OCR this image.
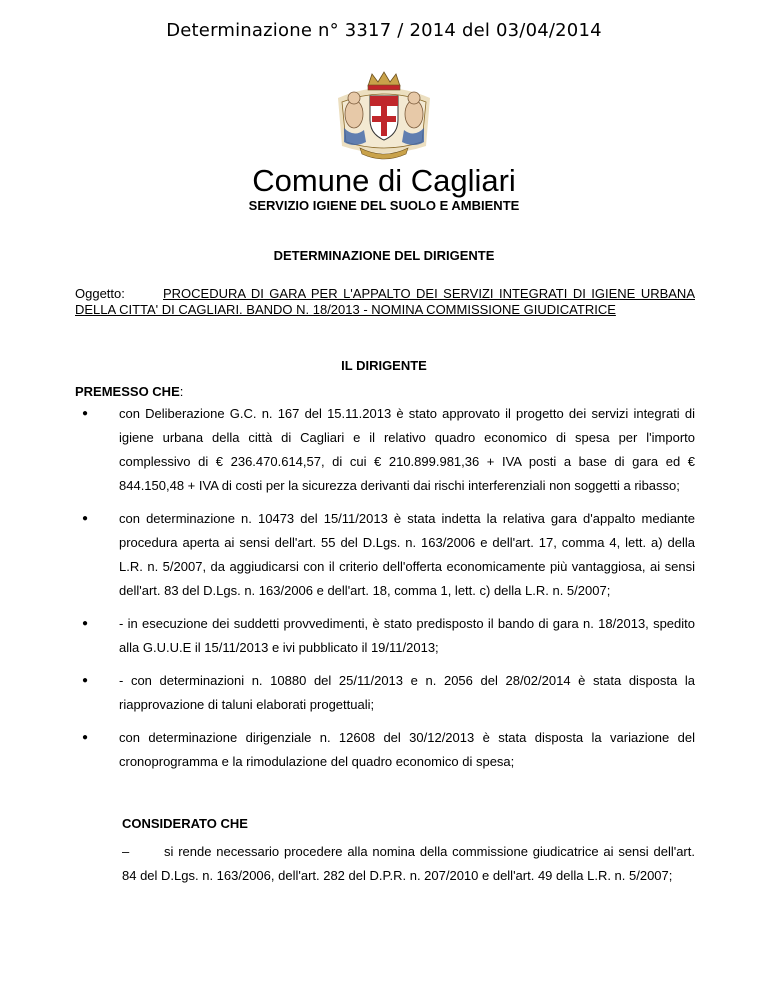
Determinazione n° 3317 / 2014 del 03/04/2014
Comune di Cagliari
SERVIZIO IGIENE DEL SUOLO E AMBIENTE
DETERMINAZIONE DEL DIRIGENTE
Oggetto:	PROCEDURA DI GARA PER L'APPALTO DEI SERVIZI INTEGRATI DI IGIENE URBANA DELLA CITTA' DI CAGLIARI. BANDO N. 18/2013 - NOMINA COMMISSIONE GIUDICATRICE
IL DIRIGENTE
PREMESSO CHE:
● con Deliberazione G.C. n. 167 del 15.11.2013 è stato approvato il progetto dei servizi integrati di igiene urbana della città di Cagliari e il relativo quadro economico di spesa per l'importo complessivo di € 236.470.614,57, di cui € 210.899.981,36 + IVA posti a base di gara ed € 844.150,48 + IVA di costi per la sicurezza derivanti dai rischi interferenziali non soggetti a ribasso;
● con determinazione n. 10473 del 15/11/2013 è stata indetta la relativa gara d'appalto mediante procedura aperta ai sensi dell'art. 55 del D.Lgs. n. 163/2006 e dell'art. 17, comma 4, lett. a) della L.R. n. 5/2007, da aggiudicarsi con il criterio dell'offerta economicamente più vantaggiosa, ai sensi dell'art. 83 del D.Lgs. n. 163/2006 e dell'art. 18, comma 1, lett. c) della L.R. n. 5/2007;
● - in esecuzione dei suddetti provvedimenti, è stato predisposto il bando di gara n. 18/2013, spedito alla G.U.U.E il 15/11/2013 e ivi pubblicato il 19/11/2013;
● - con determinazioni n. 10880 del 25/11/2013 e n. 2056 del 28/02/2014 è stata disposta la riapprovazione di taluni elaborati progettuali;
● con determinazione dirigenziale n. 12608 del 30/12/2013 è stata disposta la variazione del cronoprogramma e la rimodulazione del quadro economico di spesa;
CONSIDERATO CHE
–	si rende necessario procedere alla nomina della commissione giudicatrice ai sensi dell'art. 84 del D.Lgs. n. 163/2006, dell'art. 282 del D.P.R. n. 207/2010 e dell'art. 49 della L.R. n. 5/2007;
